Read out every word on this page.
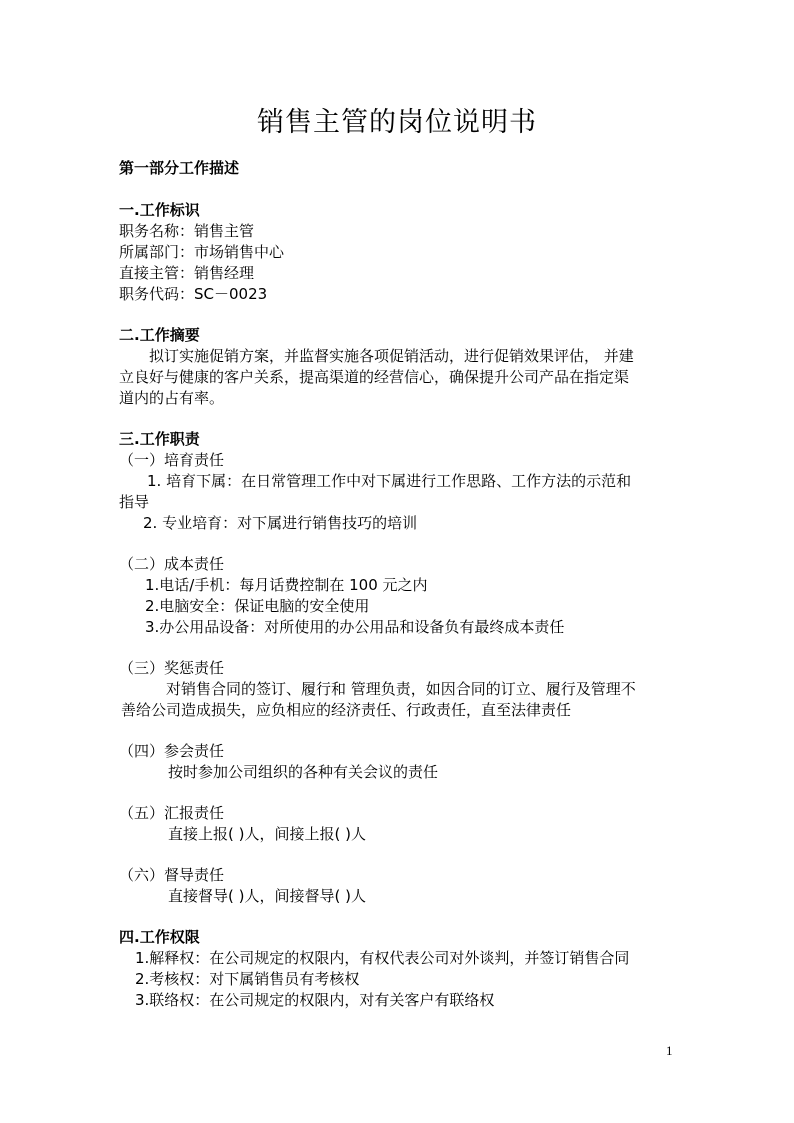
销售主管的岗位说明书
第一部分工作描述
一.工作标识
职务名称：销售主管
所属部门：市场销售中心
直接主管：销售经理
职务代码：SC－0023
二.工作摘要
拟订实施促销方案，并监督实施各项促销活动，进行促销效果评估， 并建
立良好与健康的客户关系，提高渠道的经营信心，确保提升公司产品在指定渠
道内的占有率。
三.工作职责
（一）培育责任
1. 培育下属：在日常管理工作中对下属进行工作思路、工作方法的示范和
指导
2. 专业培育：对下属进行销售技巧的培训
（二）成本责任
1.电话/手机：每月话费控制在 100 元之内
2.电脑安全：保证电脑的安全使用
3.办公用品设备：对所使用的办公用品和设备负有最终成本责任
（三）奖惩责任
对销售合同的签订、履行和 管理负责，如因合同的订立、履行及管理不
善给公司造成损失，应负相应的经济责任、行政责任，直至法律责任
（四）参会责任
按时参加公司组织的各种有关会议的责任
（五）汇报责任
直接上报( )人，间接上报( )人
（六）督导责任
直接督导( )人，间接督导( )人
四.工作权限
1.解释权：在公司规定的权限内，有权代表公司对外谈判，并签订销售合同
2.考核权：对下属销售员有考核权
3.联络权：在公司规定的权限内，对有关客户有联络权
1
